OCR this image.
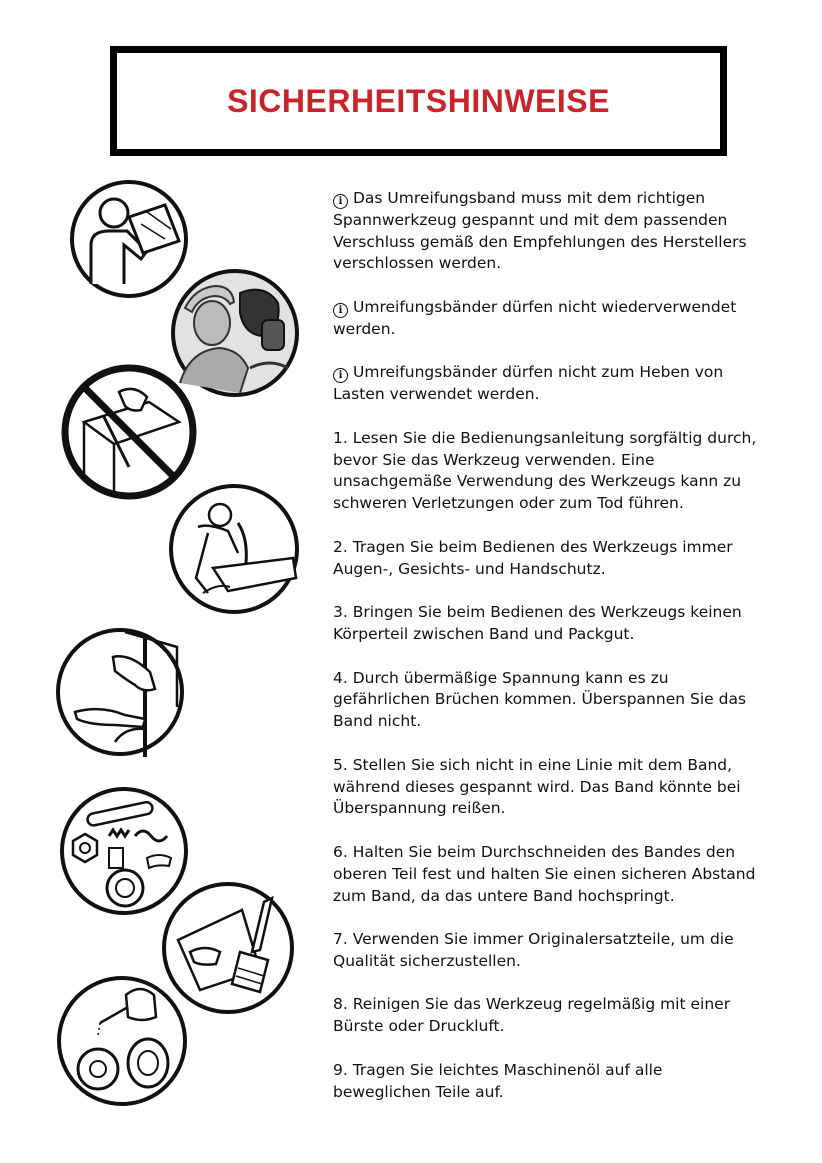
SICHERHEITSHINWEISE

i Das Umreifungsband muss mit dem richtigen Spannwerkzeug gespannt und mit dem passenden Verschluss gemäß den Empfehlungen des Herstellers verschlossen werden.

i Umreifungsbänder dürfen nicht wiederverwendet werden.

i Umreifungsbänder dürfen nicht zum Heben von Lasten verwendet werden.

1. Lesen Sie die Bedienungsanleitung sorgfältig durch, bevor Sie das Werkzeug verwenden. Eine unsachgemäße Verwendung des Werkzeugs kann zu schweren Verletzungen oder zum Tod führen.

2. Tragen Sie beim Bedienen des Werkzeugs immer Augen-, Gesichts- und Handschutz.

3. Bringen Sie beim Bedienen des Werkzeugs keinen Körperteil zwischen Band und Packgut.

4. Durch übermäßige Spannung kann es zu gefährlichen Brüchen kommen. Überspannen Sie das Band nicht.

5. Stellen Sie sich nicht in eine Linie mit dem Band, während dieses gespannt wird. Das Band könnte bei Überspannung reißen.

6. Halten Sie beim Durchschneiden des Bandes den oberen Teil fest und halten Sie einen sicheren Abstand zum Band, da das untere Band hochspringt.

7. Verwenden Sie immer Originalersatzteile, um die Qualität sicherzustellen.

8. Reinigen Sie das Werkzeug regelmäßig mit einer Bürste oder Druckluft.

9. Tragen Sie leichtes Maschinenöl auf alle beweglichen Teile auf.
